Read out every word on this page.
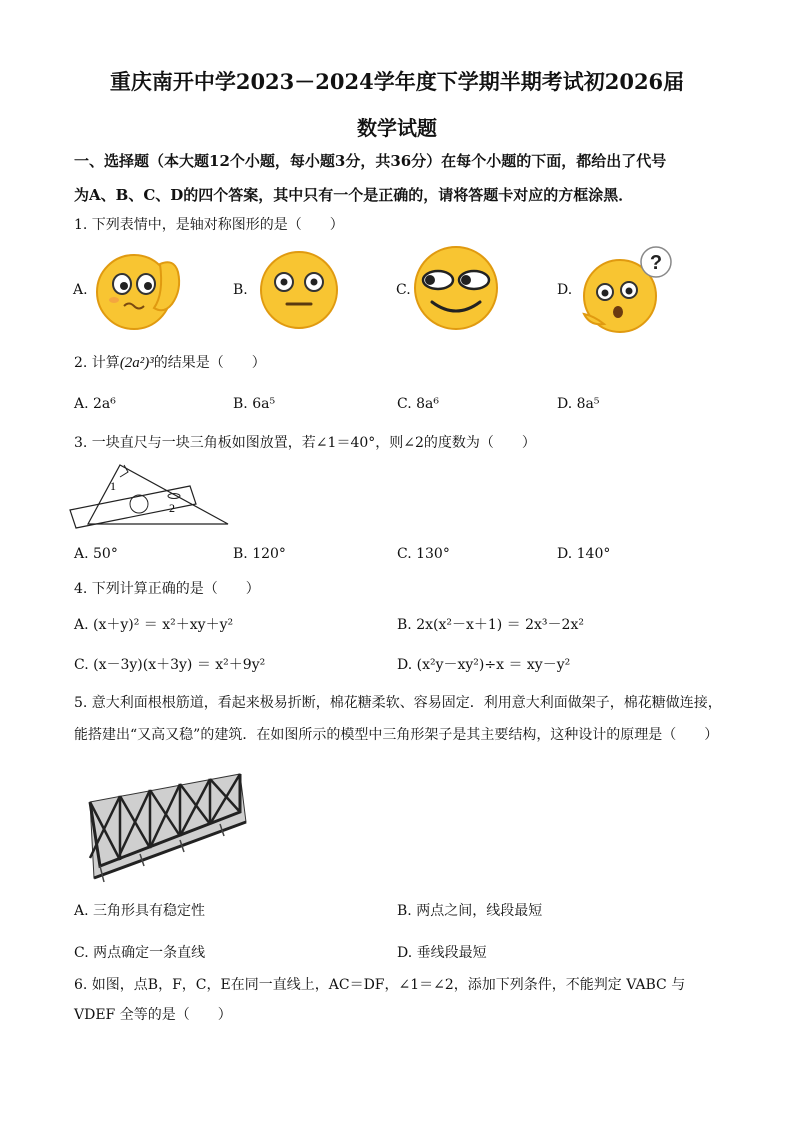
重庆南开中学2023－2024学年度下学期半期考试初2026届
数学试题
一、选择题（本大题12个小题，每小题3分，共36分）在每个小题的下面，都给出了代号
为A、B、C、D的四个答案，其中只有一个是正确的，请将答题卡对应的方框涂黑．
1. 下列表情中，是轴对称图形的是（　　）
A.	B.	C.	D.
?
2. 计算(2a²)³的结果是（　　）
A. 2a⁶	B. 6a⁵	C. 8a⁶	D. 8a⁵
3. 一块直尺与一块三角板如图放置，若∠1＝40°，则∠2的度数为（　　）
1
2
A. 50°	B. 120°	C. 130°	D. 140°
4. 下列计算正确的是（　　）
A. (x＋y)² ＝ x²＋xy＋y²	B. 2x(x²－x＋1) ＝ 2x³－2x²
C. (x－3y)(x＋3y) ＝ x²＋9y²	D. (x²y－xy²)÷x ＝ xy－y²
5. 意大利面根根筋道，看起来极易折断，棉花糖柔软、容易固定．利用意大利面做架子，棉花糖做连接，
能搭建出“又高又稳”的建筑．在如图所示的模型中三角形架子是其主要结构，这种设计的原理是（　　）
A. 三角形具有稳定性	B. 两点之间，线段最短
C. 两点确定一条直线	D. 垂线段最短
6. 如图，点B，F，C，E在同一直线上，AC＝DF，∠1＝∠2，添加下列条件，不能判定 VABC 与
VDEF 全等的是（　　）
